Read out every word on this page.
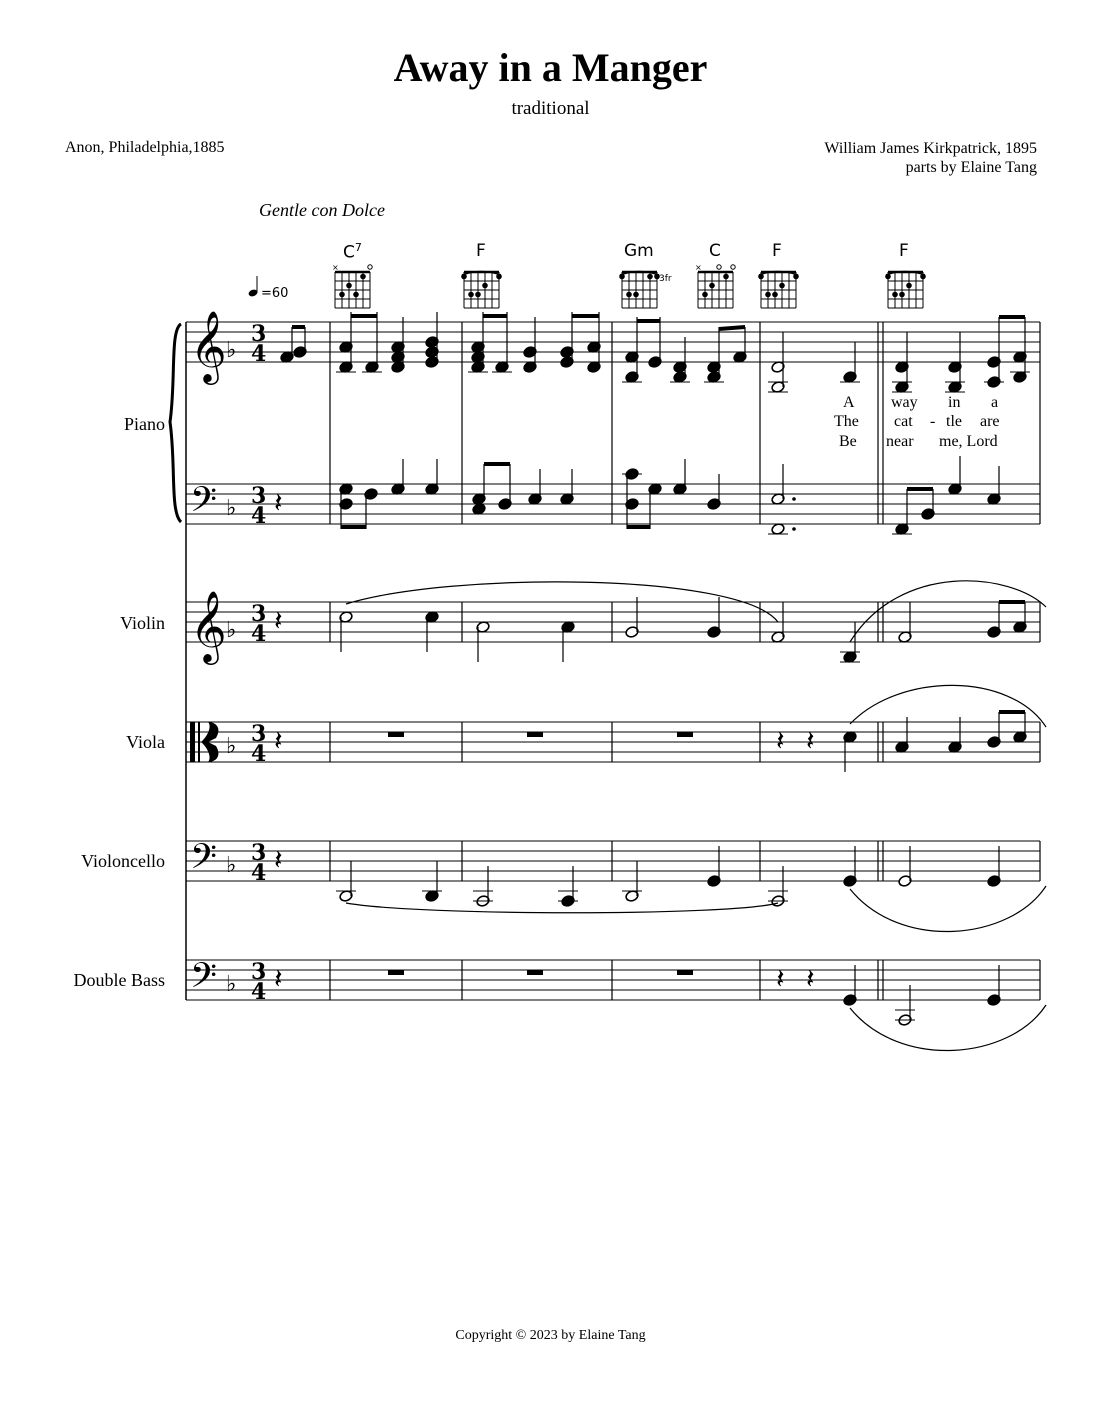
Away in a Manger
traditional
Anon, Philadelphia,1885	William James Kirkpatrick, 1895
parts by Elaine Tang
Gentle con Dolce
$C^7$	F	Gm	C	F	F
Piano
Violin
Viola
Violoncello
Double Bass
A way in a
The cat - tle are
Be near me, Lord
Copyright © 2023 by Elaine Tang
𝄽
𝄽
𝄽	𝄽 𝄽
𝄽
𝄽	𝄽 𝄽
×
3fr
×
𝄞
𝄞
𝄢
𝄢
𝄢
♭
♭
♭
♭
♭
♭
3
4
3
4
3
4
3
4
3
4
3
4
=60
